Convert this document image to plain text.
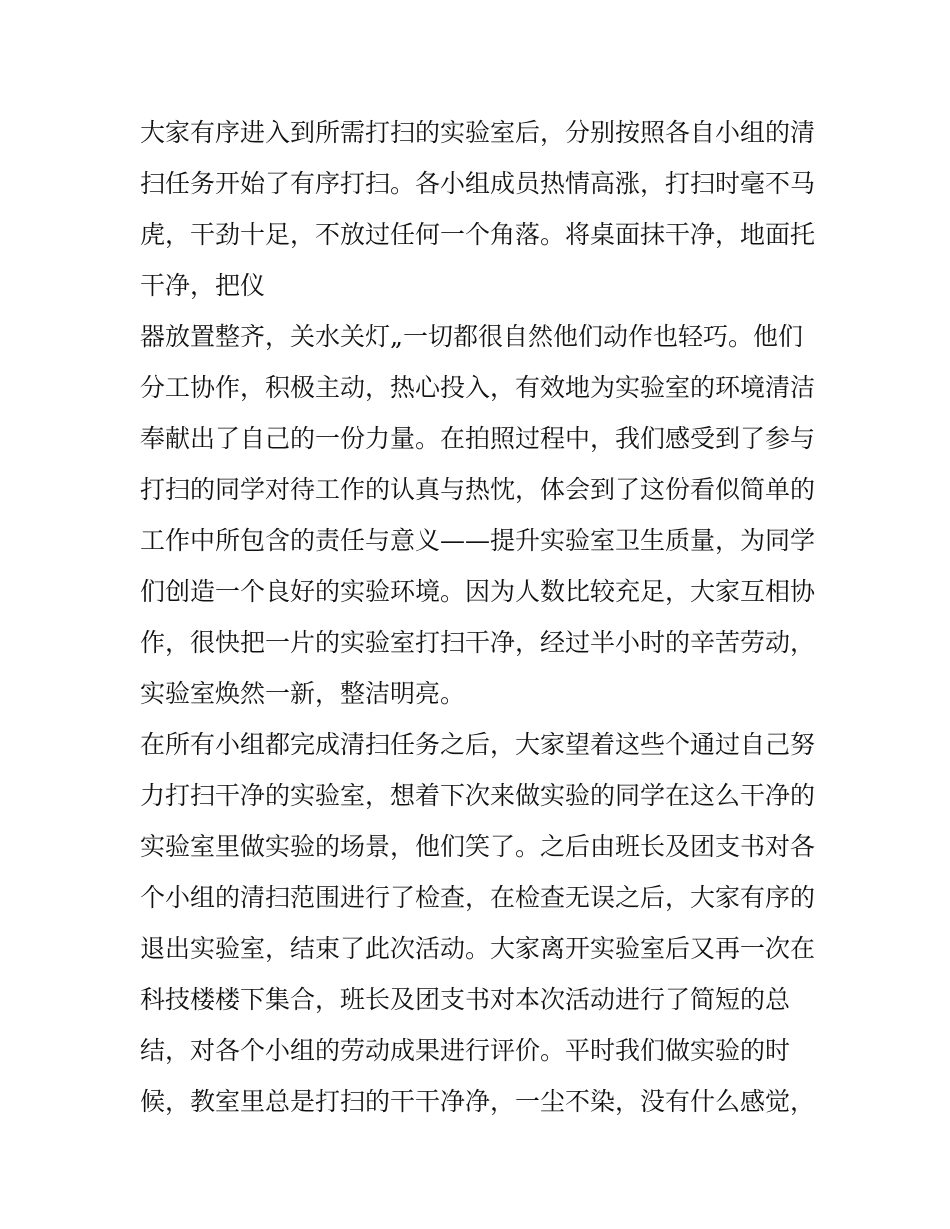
大家有序进入到所需打扫的实验室后，分别按照各自小组的清
扫任务开始了有序打扫。各小组成员热情高涨，打扫时毫不马
虎，干劲十足，不放过任何一个角落。将桌面抹干净，地面托
干净，把仪
器放置整齐，关水关灯„一切都很自然他们动作也轻巧。他们
分工协作，积极主动，热心投入，有效地为实验室的环境清洁
奉献出了自己的一份力量。在拍照过程中，我们感受到了参与
打扫的同学对待工作的认真与热忱，体会到了这份看似简单的
工作中所包含的责任与意义——提升实验室卫生质量，为同学
们创造一个良好的实验环境。因为人数比较充足，大家互相协
作，很快把一片的实验室打扫干净，经过半小时的辛苦劳动，
实验室焕然一新，整洁明亮。
在所有小组都完成清扫任务之后，大家望着这些个通过自己努
力打扫干净的实验室，想着下次来做实验的同学在这么干净的
实验室里做实验的场景，他们笑了。之后由班长及团支书对各
个小组的清扫范围进行了检查，在检查无误之后，大家有序的
退出实验室，结束了此次活动。大家离开实验室后又再一次在
科技楼楼下集合，班长及团支书对本次活动进行了简短的总
结，对各个小组的劳动成果进行评价。平时我们做实验的时
候，教室里总是打扫的干干净净，一尘不染，没有什么感觉，
